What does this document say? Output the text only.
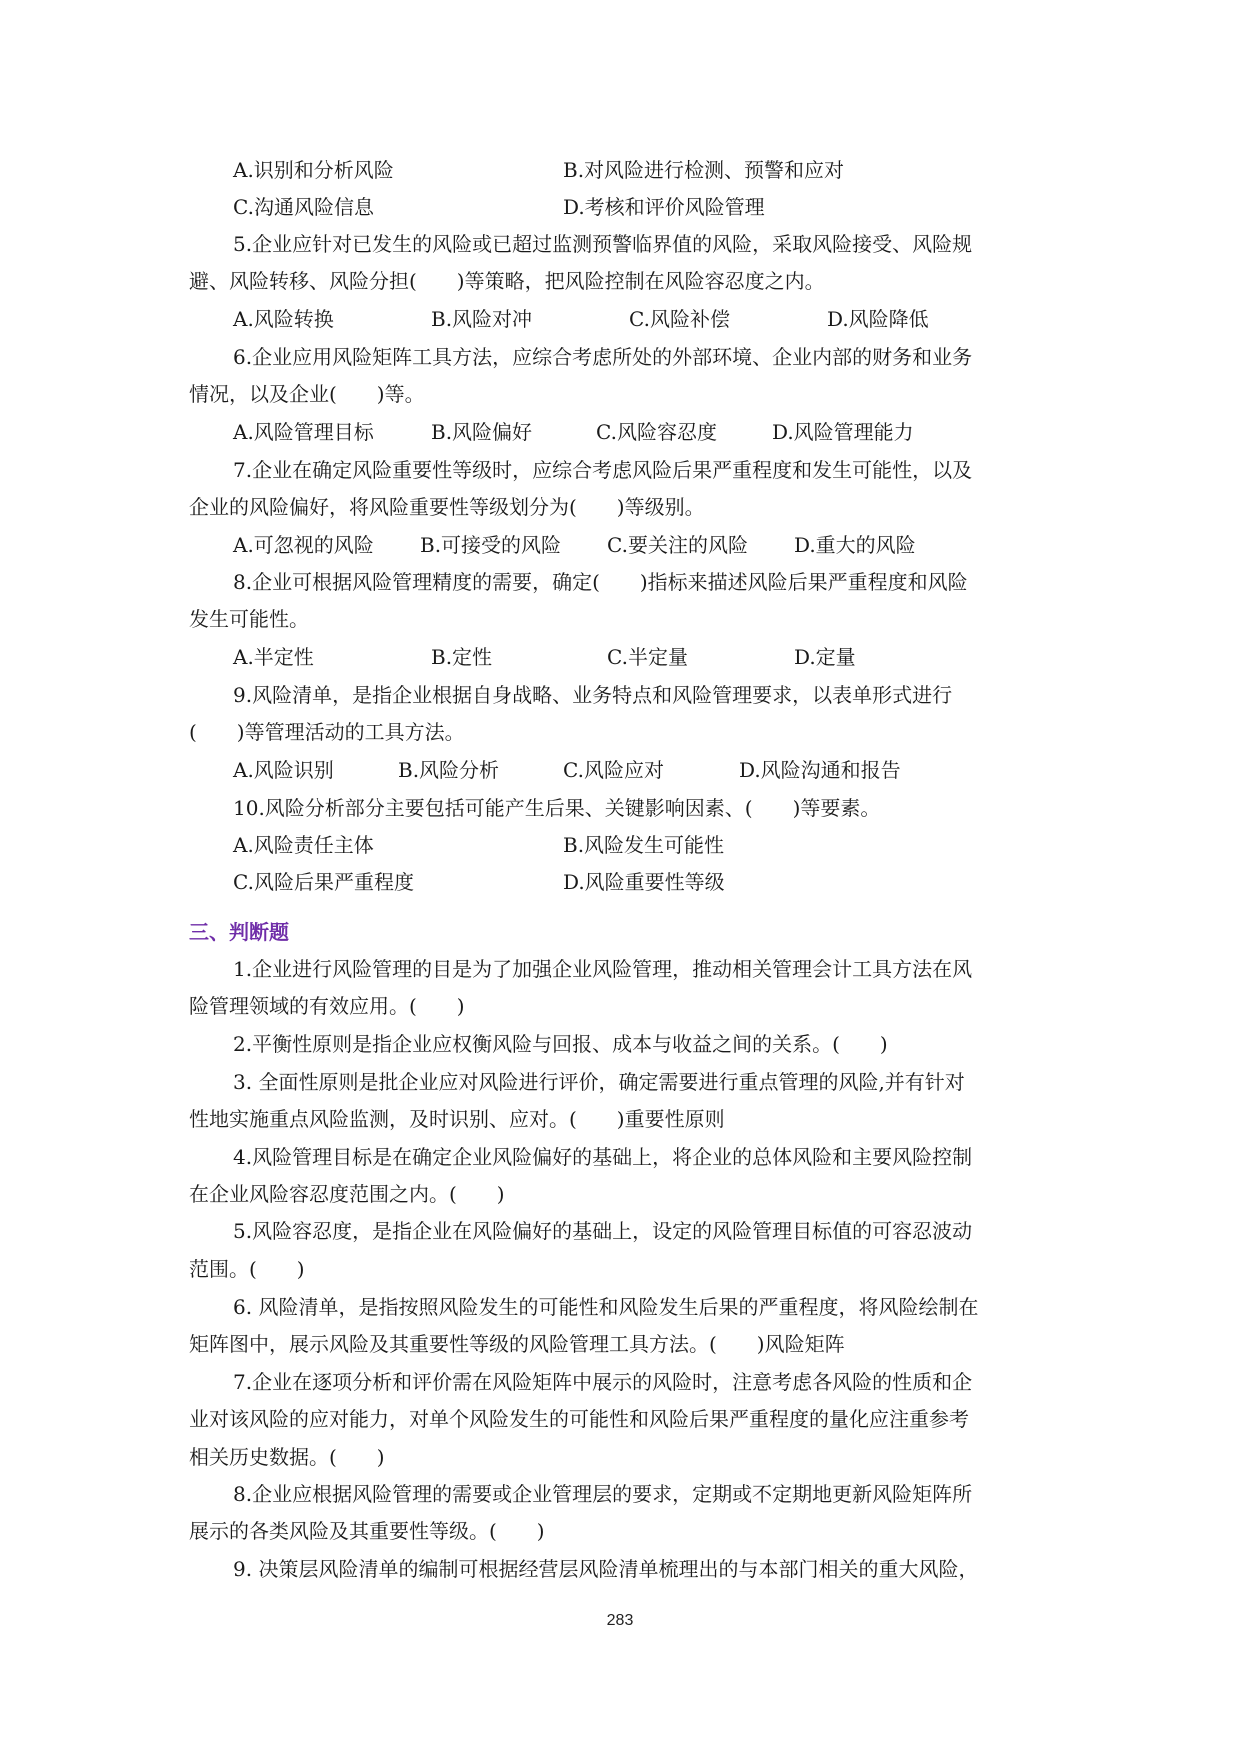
A.识别和分析风险	B.对风险进行检测、预警和应对
C.沟通风险信息	D.考核和评价风险管理
5.企业应针对已发生的风险或已超过监测预警临界值的风险，采取风险接受、风险规
避、风险转移、风险分担(　　)等策略，把风险控制在风险容忍度之内。
A.风险转换	B.风险对冲	C.风险补偿	D.风险降低
6.企业应用风险矩阵工具方法，应综合考虑所处的外部环境、企业内部的财务和业务
情况，以及企业(　　)等。
A.风险管理目标	B.风险偏好	C.风险容忍度	D.风险管理能力
7.企业在确定风险重要性等级时，应综合考虑风险后果严重程度和发生可能性，以及
企业的风险偏好，将风险重要性等级划分为(　　)等级别。
A.可忽视的风险 B.可接受的风险 C.要关注的风险 D.重大的风险
8.企业可根据风险管理精度的需要，确定(　　)指标来描述风险后果严重程度和风险
发生可能性。
A.半定性	B.定性	C.半定量	D.定量
9.风险清单，是指企业根据自身战略、业务特点和风险管理要求，以表单形式进行
(　　)等管理活动的工具方法。
A.风险识别	B.风险分析	C.风险应对	D.风险沟通和报告
10.风险分析部分主要包括可能产生后果、关键影响因素、(　　)等要素。
A.风险责任主体	B.风险发生可能性
C.风险后果严重程度	D.风险重要性等级
三、判断题
1.企业进行风险管理的目是为了加强企业风险管理，推动相关管理会计工具方法在风
险管理领域的有效应用。(　　)
2.平衡性原则是指企业应权衡风险与回报、成本与收益之间的关系。(　　)
3. 全面性原则是批企业应对风险进行评价，确定需要进行重点管理的风险,并有针对
性地实施重点风险监测，及时识别、应对。(　　)重要性原则
4.风险管理目标是在确定企业风险偏好的基础上，将企业的总体风险和主要风险控制
在企业风险容忍度范围之内。(　　)
5.风险容忍度，是指企业在风险偏好的基础上，设定的风险管理目标值的可容忍波动
范围。(　　)
6. 风险清单，是指按照风险发生的可能性和风险发生后果的严重程度，将风险绘制在
矩阵图中，展示风险及其重要性等级的风险管理工具方法。(　　)风险矩阵
7.企业在逐项分析和评价需在风险矩阵中展示的风险时，注意考虑各风险的性质和企
业对该风险的应对能力，对单个风险发生的可能性和风险后果严重程度的量化应注重参考
相关历史数据。(　　)
8.企业应根据风险管理的需要或企业管理层的要求，定期或不定期地更新风险矩阵所
展示的各类风险及其重要性等级。(　　)
9. 决策层风险清单的编制可根据经营层风险清单梳理出的与本部门相关的重大风险，
283
